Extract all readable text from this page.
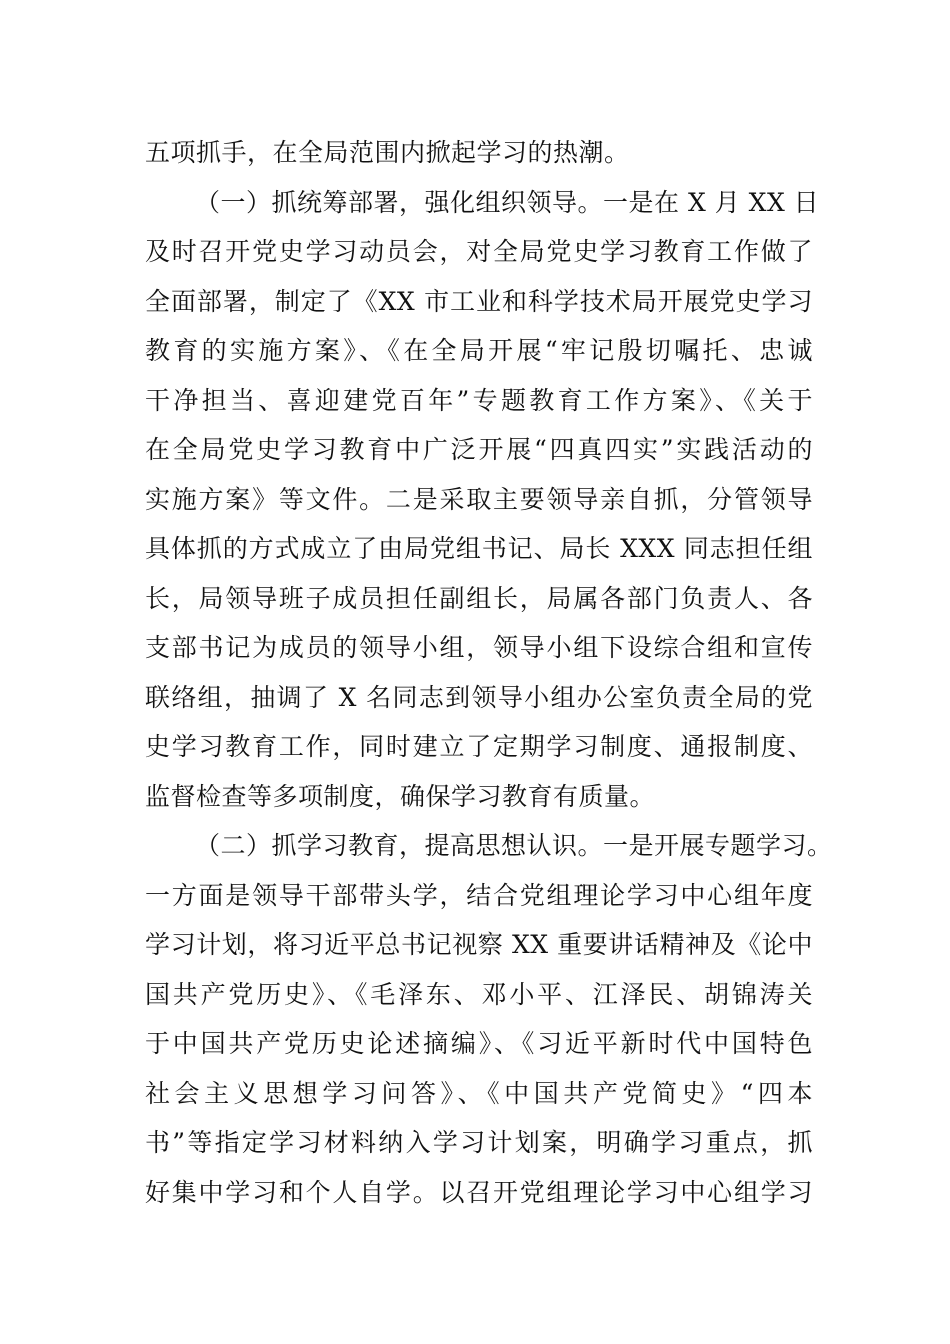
五项抓手，在全局范围内掀起学习的热潮。
（一）抓统筹部署，强化组织领导。一是在 X 月 XX 日
及时召开党史学习动员会，对全局党史学习教育工作做了
全面部署，制定了《XX 市工业和科学技术局开展党史学习
教育的实施方案》、《在全局开展“牢记殷切嘱托、忠诚
干净担当、喜迎建党百年”专题教育工作方案》、《关于
在全局党史学习教育中广泛开展“四真四实”实践活动的
实施方案》等文件。二是采取主要领导亲自抓，分管领导
具体抓的方式成立了由局党组书记、局长 XXX 同志担任组
长，局领导班子成员担任副组长，局属各部门负责人、各
支部书记为成员的领导小组，领导小组下设综合组和宣传
联络组，抽调了 X 名同志到领导小组办公室负责全局的党
史学习教育工作，同时建立了定期学习制度、通报制度、
监督检查等多项制度，确保学习教育有质量。
（二）抓学习教育，提高思想认识。一是开展专题学习。
一方面是领导干部带头学，结合党组理论学习中心组年度
学习计划，将习近平总书记视察 XX 重要讲话精神及《论中
国共产党历史》、《毛泽东、邓小平、江泽民、胡锦涛关
于中国共产党历史论述摘编》、《习近平新时代中国特色
社会主义思想学习问答》、《中国共产党简史》“四本
书”等指定学习材料纳入学习计划案，明确学习重点，抓
好集中学习和个人自学。以召开党组理论学习中心组学习
